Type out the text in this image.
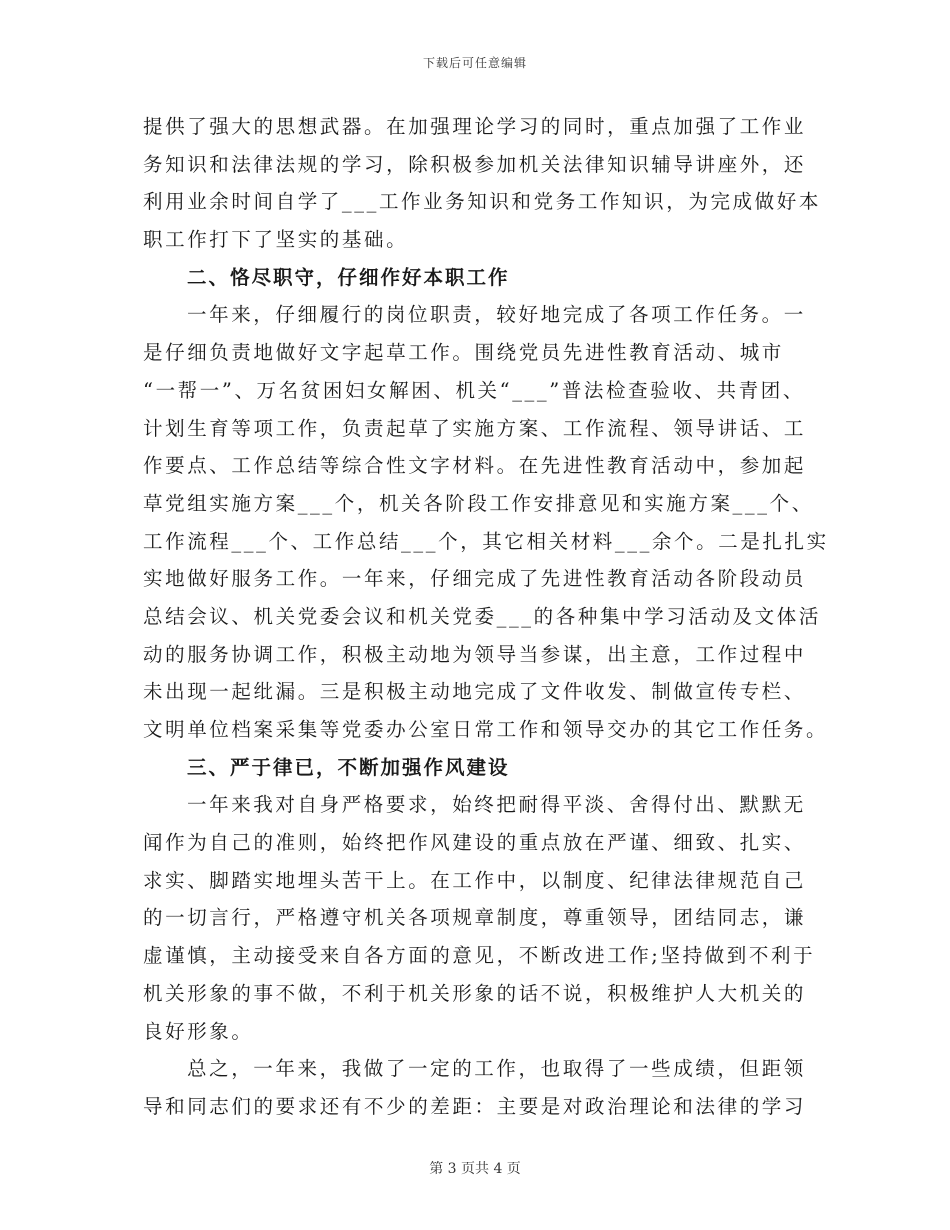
下载后可任意编辑
提供了强大的思想武器。在加强理论学习的同时，重点加强了工作业
务知识和法律法规的学习，除积极参加机关法律知识辅导讲座外，还
利用业余时间自学了___工作业务知识和党务工作知识，为完成做好本
职工作打下了坚实的基础。
二、恪尽职守，仔细作好本职工作
一年来，仔细履行的岗位职责，较好地完成了各项工作任务。一
是仔细负责地做好文字起草工作。围绕党员先进性教育活动、城市
“一帮一”、万名贫困妇女解困、机关“___”普法检查验收、共青团、
计划生育等项工作，负责起草了实施方案、工作流程、领导讲话、工
作要点、工作总结等综合性文字材料。在先进性教育活动中，参加起
草党组实施方案___个，机关各阶段工作安排意见和实施方案___个、
工作流程___个、工作总结___个，其它相关材料___余个。二是扎扎实
实地做好服务工作。一年来，仔细完成了先进性教育活动各阶段动员
总结会议、机关党委会议和机关党委___的各种集中学习活动及文体活
动的服务协调工作，积极主动地为领导当参谋，出主意，工作过程中
未出现一起纰漏。三是积极主动地完成了文件收发、制做宣传专栏、
文明单位档案采集等党委办公室日常工作和领导交办的其它工作任务。
三、严于律已，不断加强作风建设
一年来我对自身严格要求，始终把耐得平淡、舍得付出、默默无
闻作为自己的准则，始终把作风建设的重点放在严谨、细致、扎实、
求实、脚踏实地埋头苦干上。在工作中，以制度、纪律法律规范自己
的一切言行，严格遵守机关各项规章制度，尊重领导，团结同志，谦
虚谨慎，主动接受来自各方面的意见，不断改进工作;坚持做到不利于
机关形象的事不做，不利于机关形象的话不说，积极维护人大机关的
良好形象。
总之，一年来，我做了一定的工作，也取得了一些成绩，但距领
导和同志们的要求还有不少的差距：主要是对政治理论和法律的学习
第 3 页共 4 页
